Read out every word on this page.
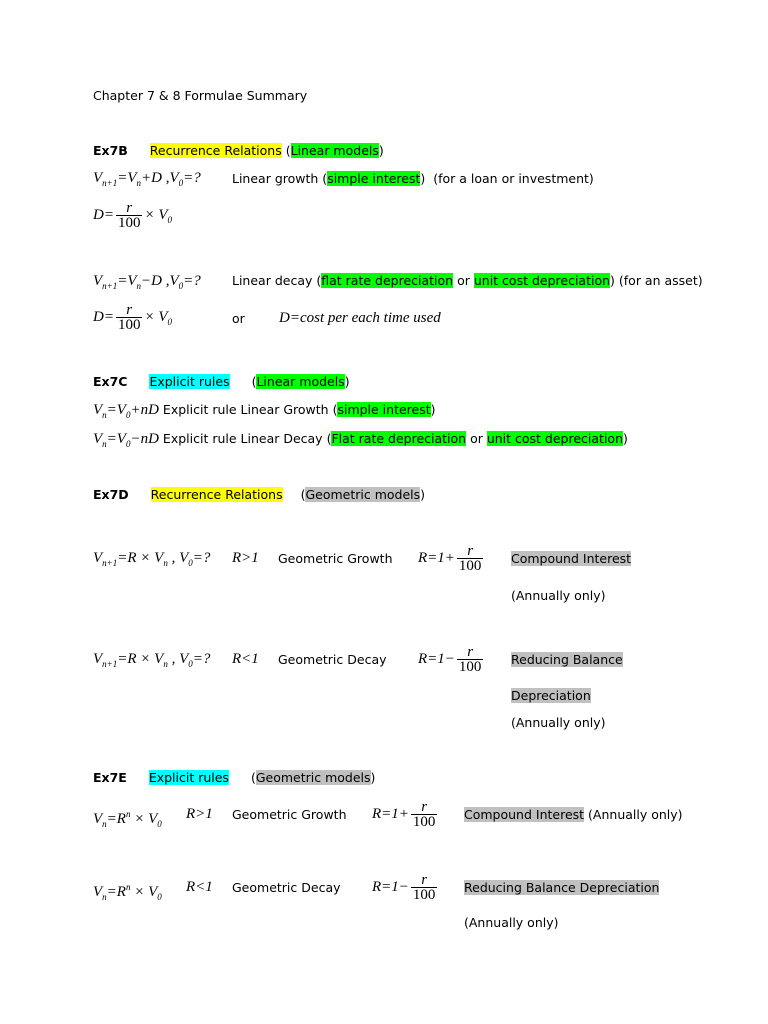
Chapter 7 & 8 Formulae Summary
Ex7B Recurrence Relations (Linear models)
$V_{n+1}=V_n+D$ $,V_0=$? Linear growth (simple interest)  (for a loan or investment)
$D= \frac{r}{100} \times V_0$
$V_{n+1}=V_n-D$ $,V_0=$? Linear decay (flat rate depreciation or unit cost depreciation) (for an asset)
$D= \frac{r}{100} \times V_0$	or D=cost per each time used
Ex7C Explicit rules (Linear models)
$V_n=V_0+nD$ Explicit rule Linear Growth (simple interest)
$V_n=V_0-nD$ Explicit rule Linear Decay (Flat rate depreciation or unit cost depreciation)
Ex7D Recurrence Relations (Geometric models)
$V_{n+1}=R \times V_n$ , $V_0=$? R>1 Geometric Growth $R=1+ \frac{r}{100}$ Compound Interest
(Annually only)
$V_{n+1}=R \times V_n$ , $V_0=$? R<1 Geometric Decay $R=1- \frac{r}{100}$ Reducing Balance
Depreciation
(Annually only)
Ex7E Explicit rules (Geometric models)
$V_n=R^n \times V_0$
R>1 Geometric Growth $R=1+ \frac{r}{100}$ Compound Interest (Annually only)
$V_n=R^n \times V_0$
R<1 Geometric Decay $R=1- \frac{r}{100}$ Reducing Balance Depreciation
(Annually only)
